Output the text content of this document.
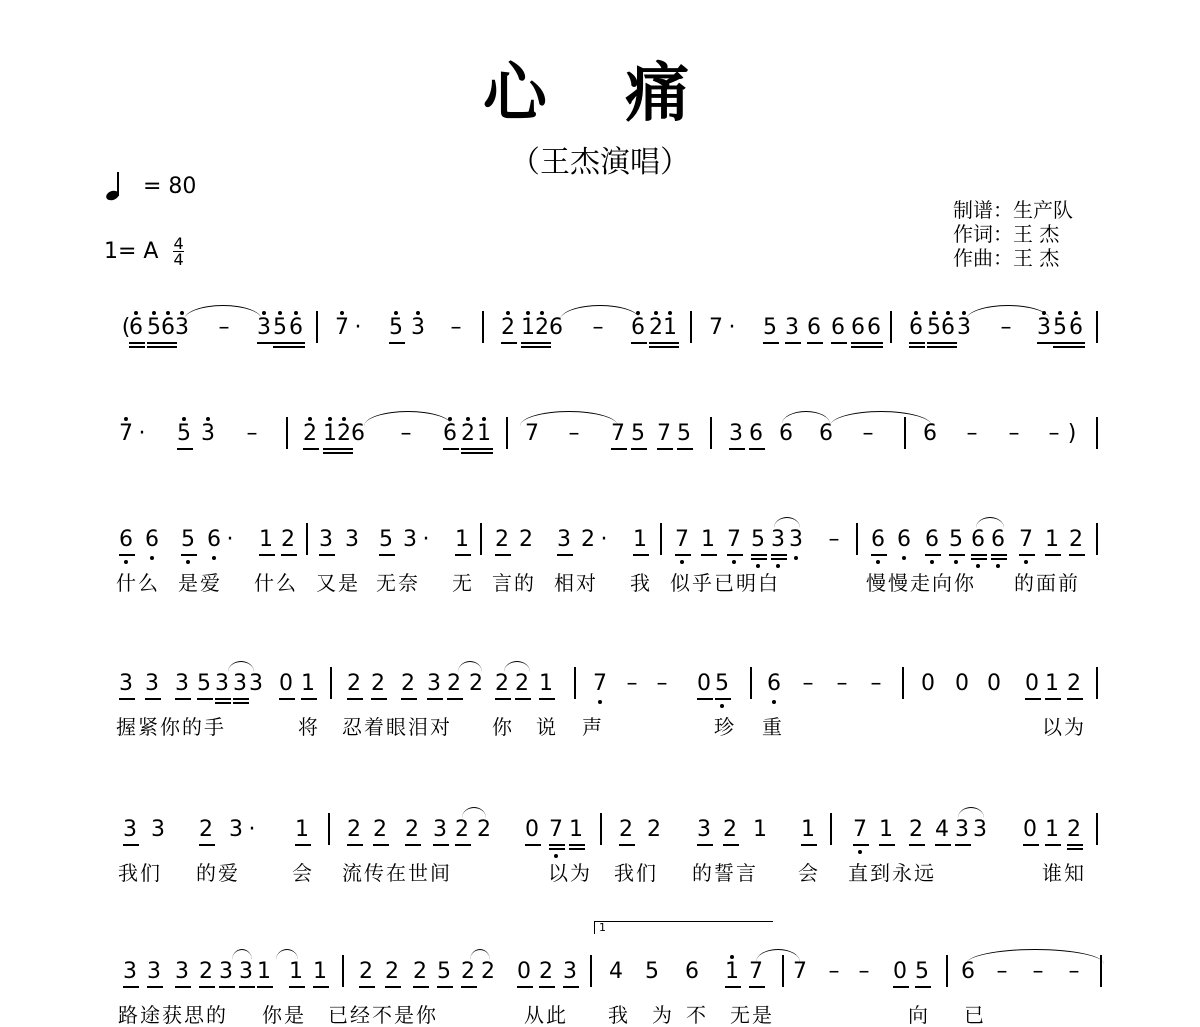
心 痛
（王杰演唱）
= 80
1= A $\frac{4}{4}$
制谱：生产队
作词：王 杰
作曲：王 杰
(
6 5 6 3 – 3 5 6 7 · 5 3 – 2 1 2 6 – 6 2 1 7 · 5 3 6 6 6 6 6 5 6 3 – 3 5 6
7 · 5 3 – 2 1 2 6 – 6 2 1 7 – 7 5 7 5 3 6 6 6 – 6 – – – )
6 6 5 6 · 1 2 3 3 5 3 · 1 2 2 3 2 · 1 7 1 7 5 3 3 – 6 6 6 5 6 6 7 1 2
什么 是爱 什么 又是 无奈 无 言的 相对 我 似乎已明白	慢慢走向你 的面前
3 3 3 5 3 3 3 0 1 2 2 2 3 2 2 2 2 1 7 – – 0 5 6 – – – 0 0 0 0 1 2
握紧你的手	将 忍着眼泪对 你 说 声	珍 重	以为
3 3 2 3 · 1 2 2 2 3 2 2 0 7 1 2 2 3 2 1 1 7 1 2 4 3 3 0 1 2
我们 的爱	会 流传在世间	以为 我们 的誓言 会 直到永远	谁知
3 3 3 2 3 3 1 1 1 2 2 2 5 2 2 0 2 3 4 5 6 1 7 7 – – 0 5 6 – – –
路途获思的 你 是 已经不是你	从此 我 为 不 无是	向 已
1
